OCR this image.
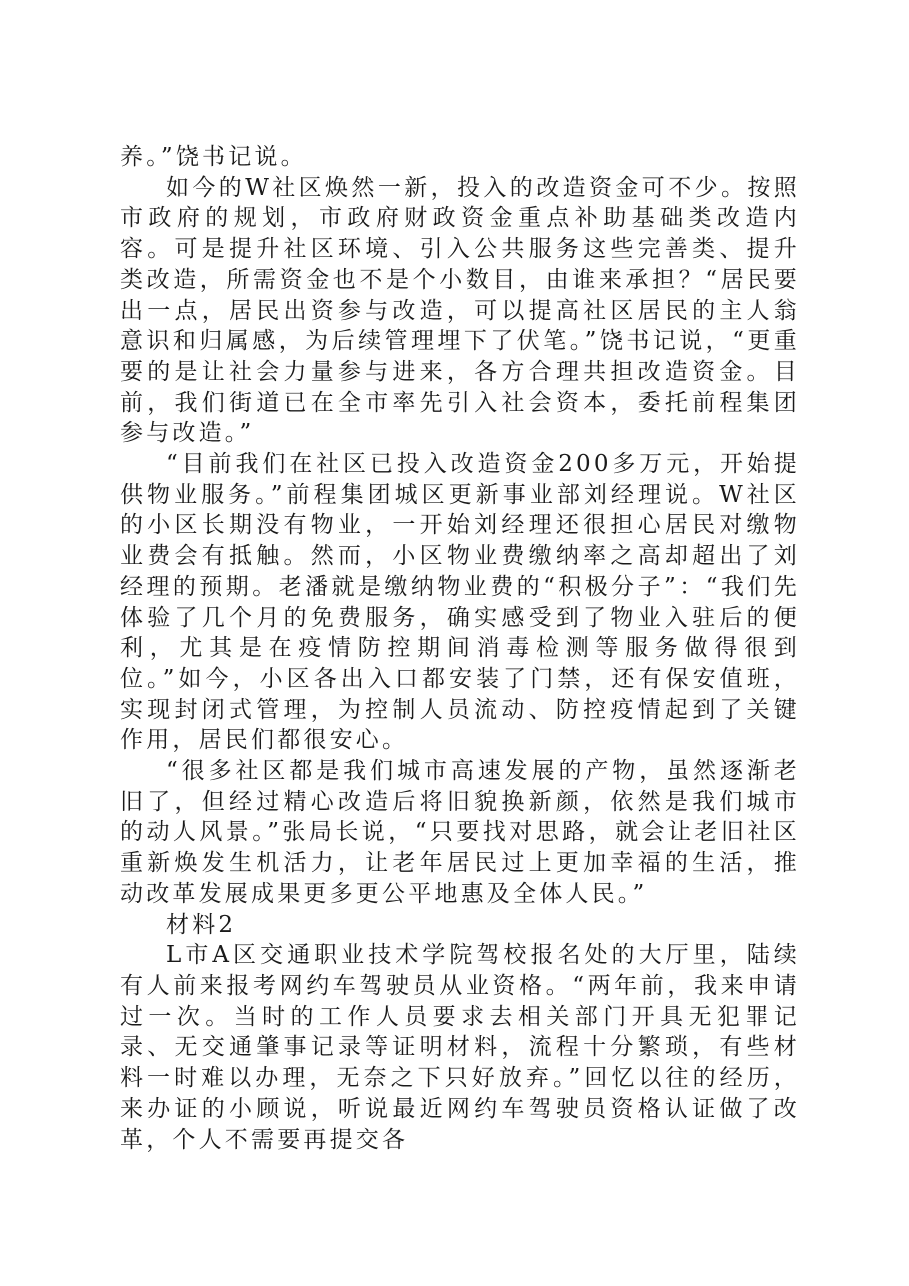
养。”饶书记说。

如今的W社区焕然一新，投入的改造资金可不少。按照市政府的规划，市政府财政资金重点补助基础类改造内容。可是提升社区环境、引入公共服务这些完善类、提升类改造，所需资金也不是个小数目，由谁来承担？“居民要出一点，居民出资参与改造，可以提高社区居民的主人翁意识和归属感，为后续管理埋下了伏笔。”饶书记说，“更重要的是让社会力量参与进来，各方合理共担改造资金。目前，我们街道已在全市率先引入社会资本，委托前程集团参与改造。”

“目前我们在社区已投入改造资金200多万元，开始提供物业服务。”前程集团城区更新事业部刘经理说。W社区的小区长期没有物业，一开始刘经理还很担心居民对缴物业费会有抵触。然而，小区物业费缴纳率之高却超出了刘经理的预期。老潘就是缴纳物业费的“积极分子”：“我们先体验了几个月的免费服务，确实感受到了物业入驻后的便利，尤其是在疫情防控期间消毒检测等服务做得很到位。”如今，小区各出入口都安装了门禁，还有保安值班，实现封闭式管理，为控制人员流动、防控疫情起到了关键作用，居民们都很安心。

“很多社区都是我们城市高速发展的产物，虽然逐渐老旧了，但经过精心改造后将旧貌换新颜，依然是我们城市的动人风景。”张局长说，“只要找对思路，就会让老旧社区重新焕发生机活力，让老年居民过上更加幸福的生活，推动改革发展成果更多更公平地惠及全体人民。”

材料2

L市A区交通职业技术学院驾校报名处的大厅里，陆续有人前来报考网约车驾驶员从业资格。“两年前，我来申请过一次。当时的工作人员要求去相关部门开具无犯罪记录、无交通肇事记录等证明材料，流程十分繁琐，有些材料一时难以办理，无奈之下只好放弃。”回忆以往的经历，来办证的小顾说，听说最近网约车驾驶员资格认证做了改革，个人不需要再提交各
